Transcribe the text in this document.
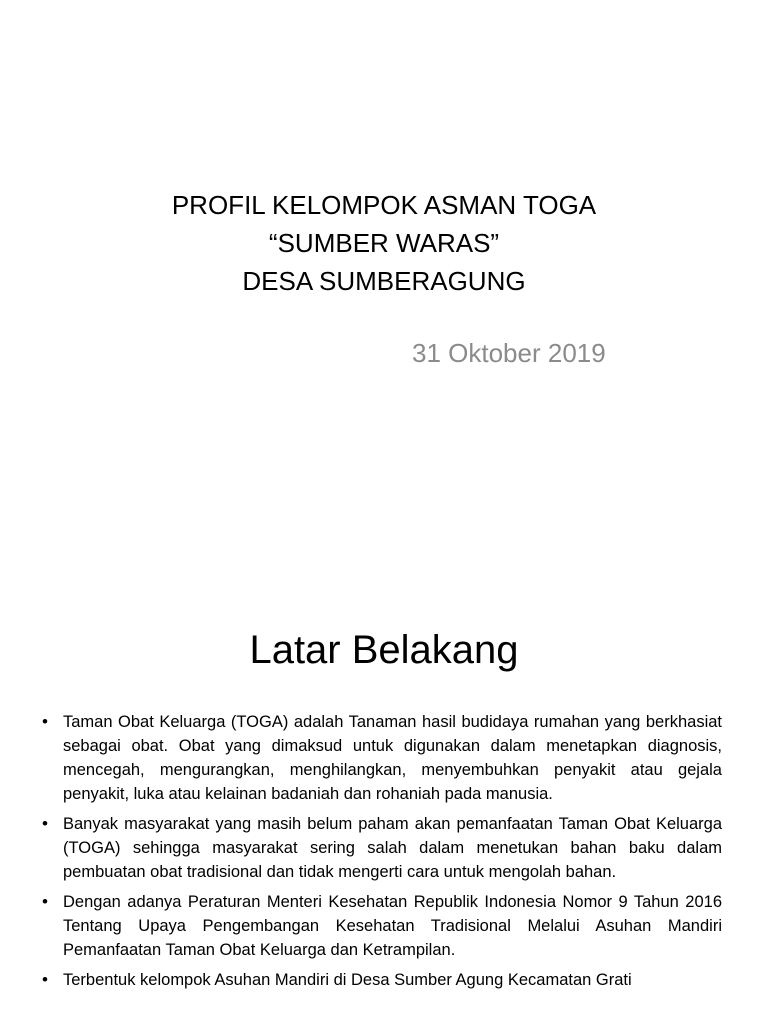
PROFIL KELOMPOK ASMAN TOGA
“SUMBER WARAS”
DESA SUMBERAGUNG
31 Oktober 2019
Latar Belakang
• Taman Obat Keluarga (TOGA) adalah Tanaman hasil budidaya rumahan yang berkhasiat sebagai obat. Obat yang dimaksud untuk digunakan dalam menetapkan diagnosis, mencegah, mengurangkan, menghilangkan, menyembuhkan penyakit atau gejala penyakit, luka atau kelainan badaniah dan rohaniah pada manusia.
• Banyak masyarakat yang masih belum paham akan pemanfaatan Taman Obat Keluarga (TOGA) sehingga masyarakat sering salah dalam menetukan bahan baku dalam pembuatan obat tradisional dan tidak mengerti cara untuk mengolah bahan.
• Dengan adanya Peraturan Menteri Kesehatan Republik Indonesia Nomor 9 Tahun 2016 Tentang Upaya Pengembangan Kesehatan Tradisional Melalui Asuhan Mandiri Pemanfaatan Taman Obat Keluarga dan Ketrampilan.
• Terbentuk kelompok Asuhan Mandiri di Desa Sumber Agung Kecamatan Grati
